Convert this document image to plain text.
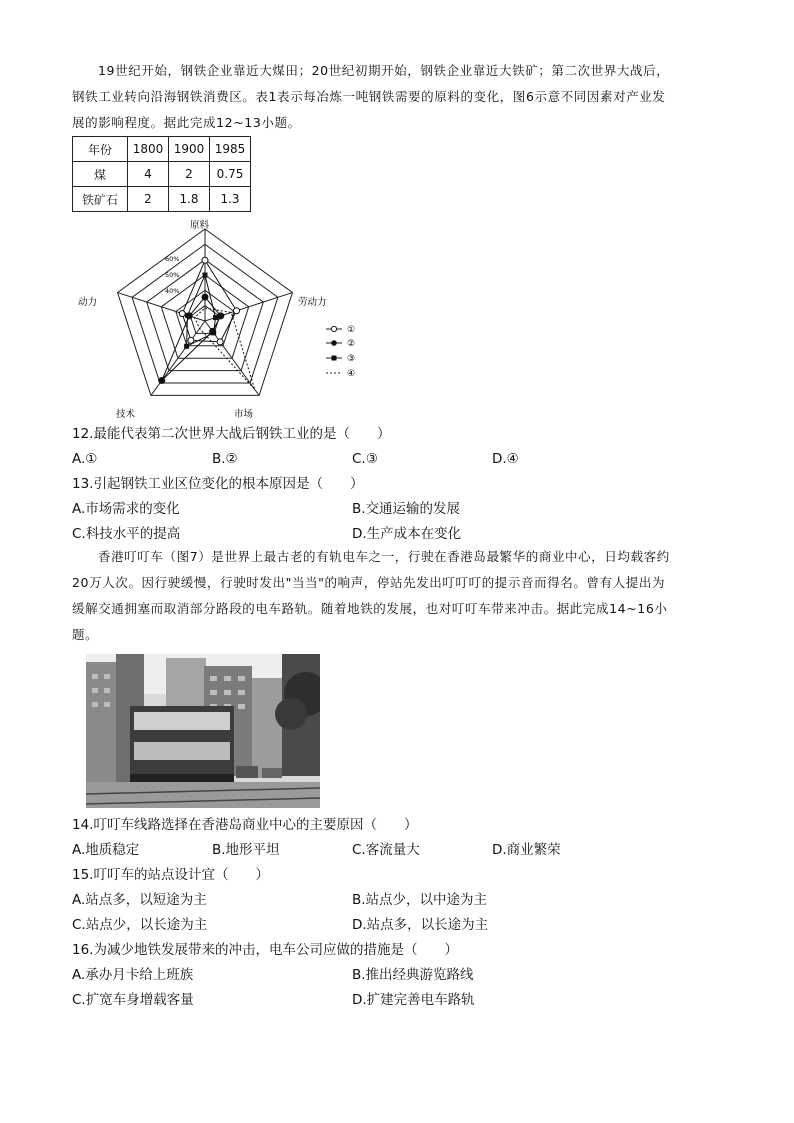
19世纪开始，钢铁企业靠近大煤田；20世纪初期开始，钢铁企业靠近大铁矿；第二次世界大战后，
钢铁工业转向沿海钢铁消费区。表1表示每冶炼一吨钢铁需要的原料的变化，图6示意不同因素对产业发
展的影响程度。据此完成12~13小题。
年份	1800	1900	1985
煤	4	2	0.75
铁矿石	2	1.8	1.3
原料
劳动力
市场
技术
动力
60%
50%
40%
①
②
③
④
12.最能代表第二次世界大战后钢铁工业的是（　　）
A.①	B.②	C.③	D.④
13.引起钢铁工业区位变化的根本原因是（　　）
A.市场需求的变化	B.交通运输的发展
C.科技水平的提高	D.生产成本在变化
香港叮叮车（图7）是世界上最古老的有轨电车之一，行驶在香港岛最繁华的商业中心，日均载客约
20万人次。因行驶缓慢，行驶时发出"当当"的响声，停站先发出叮叮叮的提示音而得名。曾有人提出为
缓解交通拥塞而取消部分路段的电车路轨。随着地铁的发展，也对叮叮车带来冲击。据此完成14~16小
题。
14.叮叮车线路选择在香港岛商业中心的主要原因（　　）
A.地质稳定	B.地形平坦	C.客流量大	D.商业繁荣
15.叮叮车的站点设计宜（　　）
A.站点多，以短途为主	B.站点少，以中途为主
C.站点少，以长途为主	D.站点多，以长途为主
16.为减少地铁发展带来的冲击，电车公司应做的措施是（　　）
A.承办月卡给上班族	B.推出经典游览路线
C.扩宽车身增载客量	D.扩建完善电车路轨
